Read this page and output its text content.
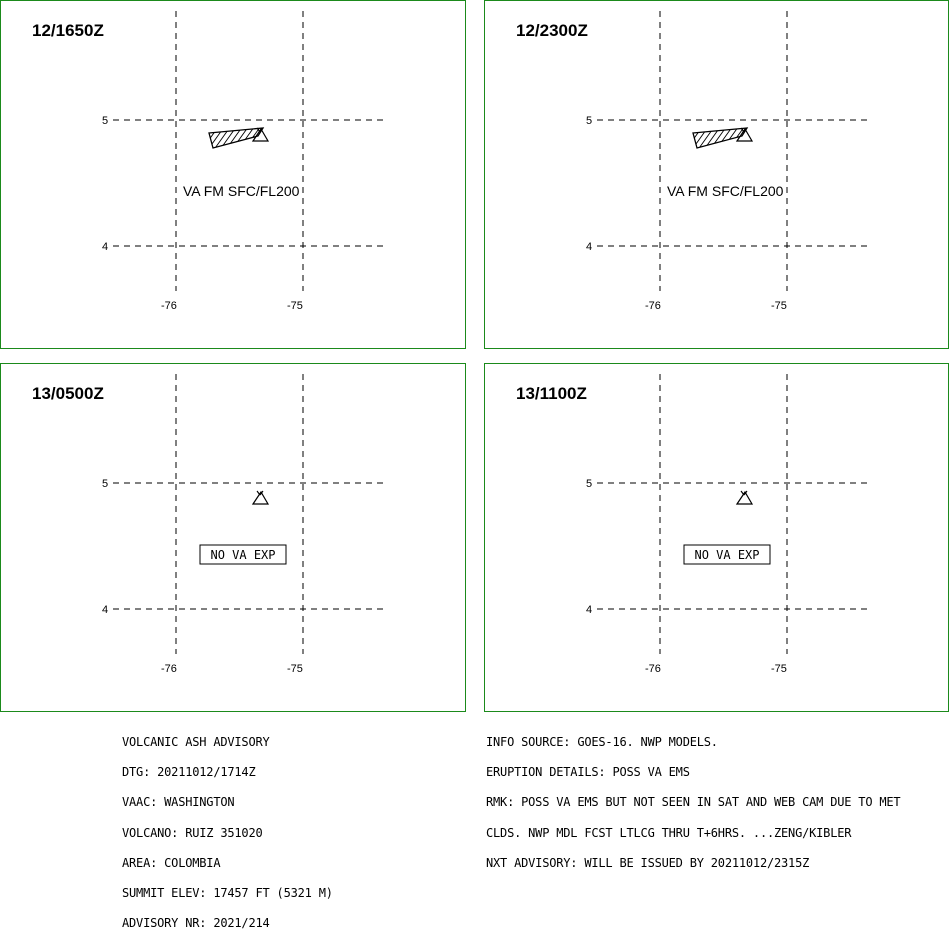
12/1650Z
5
4
-76	-75
VA FM SFC/FL200
12/2300Z
5
4
-76	-75
VA FM SFC/FL200
13/0500Z
5
4
-76	-75
NO VA EXP
13/1100Z
5
4
-76	-75
NO VA EXP

VOLCANIC ASH ADVISORY

DTG: 20211012/1714Z

VAAC: WASHINGTON

VOLCANO: RUIZ 351020

AREA: COLOMBIA

SUMMIT ELEV: 17457 FT (5321 M)

ADVISORY NR: 2021/214

INFO SOURCE: GOES-16. NWP MODELS.

ERUPTION DETAILS: POSS VA EMS

RMK: POSS VA EMS BUT NOT SEEN IN SAT AND WEB CAM DUE TO MET

CLDS. NWP MDL FCST LTLCG THRU T+6HRS. ...ZENG/KIBLER

NXT ADVISORY: WILL BE ISSUED BY 20211012/2315Z
